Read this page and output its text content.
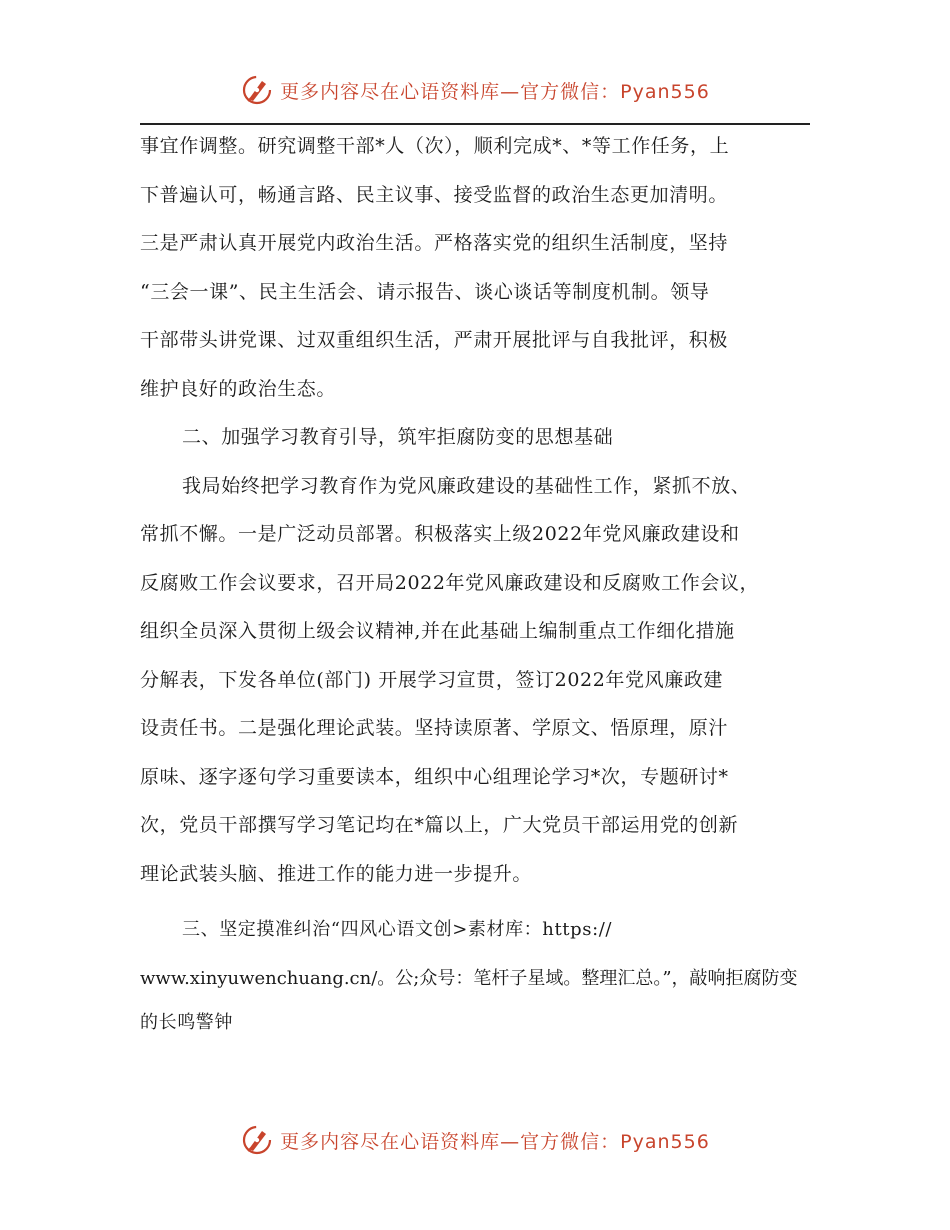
更多内容尽在心语资料库—官方微信：Pyan556
事宜作调整。研究调整干部*人（次），顺利完成*、*等工作任务，上
下普遍认可，畅通言路、民主议事、接受监督的政治生态更加清明。
三是严肃认真开展党内政治生活。严格落实党的组织生活制度，坚持
“三会一课”、民主生活会、请示报告、谈心谈话等制度机制。领导
干部带头讲党课、过双重组织生活，严肃开展批评与自我批评，积极
维护良好的政治生态。
二、加强学习教育引导，筑牢拒腐防变的思想基础
我局始终把学习教育作为党风廉政建设的基础性工作，紧抓不放、
常抓不懈。一是广泛动员部署。积极落实上级2022年党风廉政建设和
反腐败工作会议要求，召开局2022年党风廉政建设和反腐败工作会议，
组织全员深入贯彻上级会议精神,并在此基础上编制重点工作细化措施
分解表，下发各单位(部门) 开展学习宣贯，签订2022年党风廉政建
设责任书。二是强化理论武装。坚持读原著、学原文、悟原理，原汁
原味、逐字逐句学习重要读本，组织中心组理论学习*次，专题研讨*
次，党员干部撰写学习笔记均在*篇以上，广大党员干部运用党的创新
理论武装头脑、推进工作的能力进一步提升。
三、坚定摸准纠治“四风心语文创>素材库：https://
www.xinyuwenchuang.cn/。公;众号：笔杆子星域。整理汇总。”，敲响拒腐防变
的长鸣警钟
更多内容尽在心语资料库—官方微信：Pyan556
